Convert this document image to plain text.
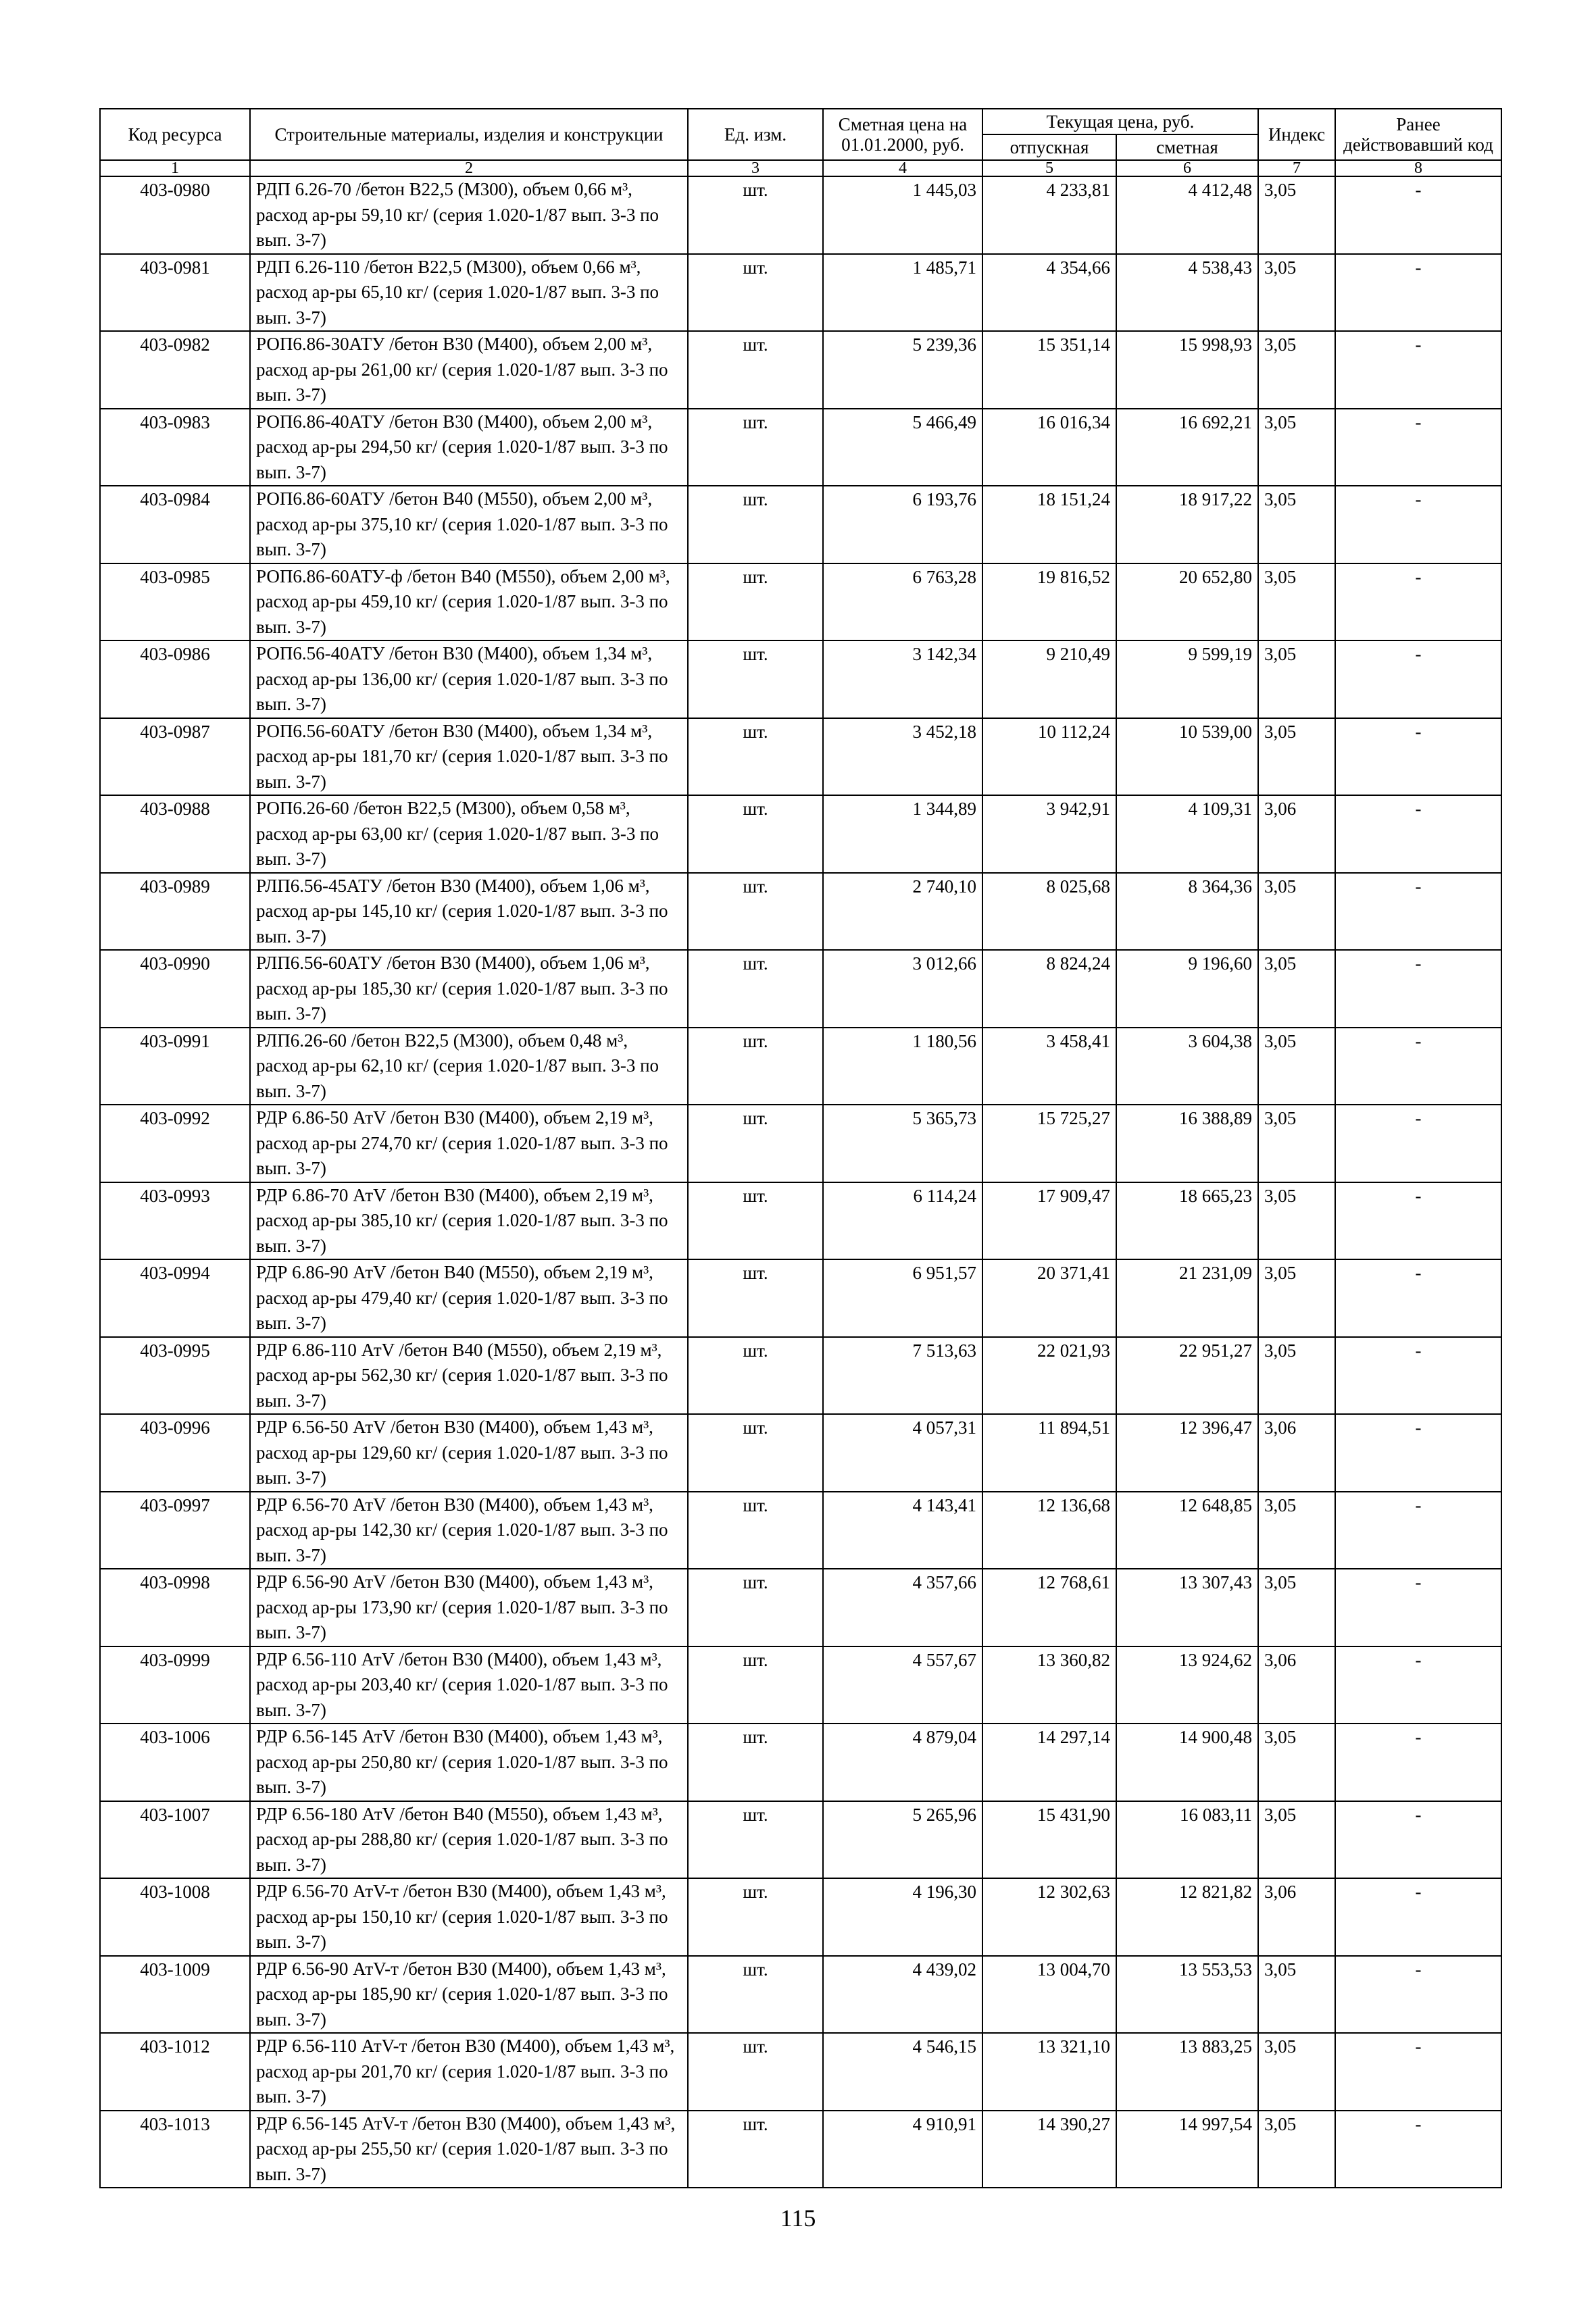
Код ресурса	Строительные материалы, изделия и конструкции	Ед. изм.	Сметная цена на 01.01.2000, руб.	Текущая цена, руб.		Индекс	Ранее действовавший код
				отпускная	сметная		
1	2	3	4	5	6	7	8
403-0980	РДП 6.26-70 /бетон В22,5 (М300), объем 0,66 м³, расход ар-ры 59,10 кг/ (серия 1.020-1/87 вып. 3-3 по вып. 3-7)	шт.	1 445,03	4 233,81	4 412,48	3,05	-
403-0981	РДП 6.26-110 /бетон В22,5 (М300), объем 0,66 м³, расход ар-ры 65,10 кг/ (серия 1.020-1/87 вып. 3-3 по вып. 3-7)	шт.	1 485,71	4 354,66	4 538,43	3,05	-
403-0982	РОП6.86-30АТУ /бетон В30 (М400), объем 2,00 м³, расход ар-ры 261,00 кг/ (серия 1.020-1/87 вып. 3-3 по вып. 3-7)	шт.	5 239,36	15 351,14	15 998,93	3,05	-
403-0983	РОП6.86-40АТУ /бетон В30 (М400), объем 2,00 м³, расход ар-ры 294,50 кг/ (серия 1.020-1/87 вып. 3-3 по вып. 3-7)	шт.	5 466,49	16 016,34	16 692,21	3,05	-
403-0984	РОП6.86-60АТУ /бетон В40 (М550), объем 2,00 м³, расход ар-ры 375,10 кг/ (серия 1.020-1/87 вып. 3-3 по вып. 3-7)	шт.	6 193,76	18 151,24	18 917,22	3,05	-
403-0985	РОП6.86-60АТУ-ф /бетон В40 (М550), объем 2,00 м³, расход ар-ры 459,10 кг/ (серия 1.020-1/87 вып. 3-3 по вып. 3-7)	шт.	6 763,28	19 816,52	20 652,80	3,05	-
403-0986	РОП6.56-40АТУ /бетон В30 (М400), объем 1,34 м³, расход ар-ры 136,00 кг/ (серия 1.020-1/87 вып. 3-3 по вып. 3-7)	шт.	3 142,34	9 210,49	9 599,19	3,05	-
403-0987	РОП6.56-60АТУ /бетон В30 (М400), объем 1,34 м³, расход ар-ры 181,70 кг/ (серия 1.020-1/87 вып. 3-3 по вып. 3-7)	шт.	3 452,18	10 112,24	10 539,00	3,05	-
403-0988	РОП6.26-60 /бетон В22,5 (М300), объем 0,58 м³, расход ар-ры 63,00 кг/ (серия 1.020-1/87 вып. 3-3 по вып. 3-7)	шт.	1 344,89	3 942,91	4 109,31	3,06	-
403-0989	РЛП6.56-45АТУ /бетон В30 (М400), объем 1,06 м³, расход ар-ры 145,10 кг/ (серия 1.020-1/87 вып. 3-3 по вып. 3-7)	шт.	2 740,10	8 025,68	8 364,36	3,05	-
403-0990	РЛП6.56-60АТУ /бетон В30 (М400), объем 1,06 м³, расход ар-ры 185,30 кг/ (серия 1.020-1/87 вып. 3-3 по вып. 3-7)	шт.	3 012,66	8 824,24	9 196,60	3,05	-
403-0991	РЛП6.26-60 /бетон В22,5 (М300), объем 0,48 м³, расход ар-ры 62,10 кг/ (серия 1.020-1/87 вып. 3-3 по вып. 3-7)	шт.	1 180,56	3 458,41	3 604,38	3,05	-
403-0992	РДР 6.86-50 АтV /бетон В30 (М400), объем 2,19 м³, расход ар-ры 274,70 кг/ (серия 1.020-1/87 вып. 3-3 по вып. 3-7)	шт.	5 365,73	15 725,27	16 388,89	3,05	-
403-0993	РДР 6.86-70 АтV /бетон В30 (М400), объем 2,19 м³, расход ар-ры 385,10 кг/ (серия 1.020-1/87 вып. 3-3 по вып. 3-7)	шт.	6 114,24	17 909,47	18 665,23	3,05	-
403-0994	РДР 6.86-90 АтV /бетон В40 (М550), объем 2,19 м³, расход ар-ры 479,40 кг/ (серия 1.020-1/87 вып. 3-3 по вып. 3-7)	шт.	6 951,57	20 371,41	21 231,09	3,05	-
403-0995	РДР 6.86-110 АтV /бетон В40 (М550), объем 2,19 м³, расход ар-ры 562,30 кг/ (серия 1.020-1/87 вып. 3-3 по вып. 3-7)	шт.	7 513,63	22 021,93	22 951,27	3,05	-
403-0996	РДР 6.56-50 АтV /бетон В30 (М400), объем 1,43 м³, расход ар-ры 129,60 кг/ (серия 1.020-1/87 вып. 3-3 по вып. 3-7)	шт.	4 057,31	11 894,51	12 396,47	3,06	-
403-0997	РДР 6.56-70 АтV /бетон В30 (М400), объем 1,43 м³, расход ар-ры 142,30 кг/ (серия 1.020-1/87 вып. 3-3 по вып. 3-7)	шт.	4 143,41	12 136,68	12 648,85	3,05	-
403-0998	РДР 6.56-90 АтV /бетон В30 (М400), объем 1,43 м³, расход ар-ры 173,90 кг/ (серия 1.020-1/87 вып. 3-3 по вып. 3-7)	шт.	4 357,66	12 768,61	13 307,43	3,05	-
403-0999	РДР 6.56-110 АтV /бетон В30 (М400), объем 1,43 м³, расход ар-ры 203,40 кг/ (серия 1.020-1/87 вып. 3-3 по вып. 3-7)	шт.	4 557,67	13 360,82	13 924,62	3,06	-
403-1006	РДР 6.56-145 АтV /бетон В30 (М400), объем 1,43 м³, расход ар-ры 250,80 кг/ (серия 1.020-1/87 вып. 3-3 по вып. 3-7)	шт.	4 879,04	14 297,14	14 900,48	3,05	-
403-1007	РДР 6.56-180 АтV /бетон В40 (М550), объем 1,43 м³, расход ар-ры 288,80 кг/ (серия 1.020-1/87 вып. 3-3 по вып. 3-7)	шт.	5 265,96	15 431,90	16 083,11	3,05	-
403-1008	РДР 6.56-70 АтV-т /бетон В30 (М400), объем 1,43 м³, расход ар-ры 150,10 кг/ (серия 1.020-1/87 вып. 3-3 по вып. 3-7)	шт.	4 196,30	12 302,63	12 821,82	3,06	-
403-1009	РДР 6.56-90 АтV-т /бетон В30 (М400), объем 1,43 м³, расход ар-ры 185,90 кг/ (серия 1.020-1/87 вып. 3-3 по вып. 3-7)	шт.	4 439,02	13 004,70	13 553,53	3,05	-
403-1012	РДР 6.56-110 АтV-т /бетон В30 (М400), объем 1,43 м³, расход ар-ры 201,70 кг/ (серия 1.020-1/87 вып. 3-3 по вып. 3-7)	шт.	4 546,15	13 321,10	13 883,25	3,05	-
403-1013	РДР 6.56-145 АтV-т /бетон В30 (М400), объем 1,43 м³, расход ар-ры 255,50 кг/ (серия 1.020-1/87 вып. 3-3 по вып. 3-7)	шт.	4 910,91	14 390,27	14 997,54	3,05	-
115
